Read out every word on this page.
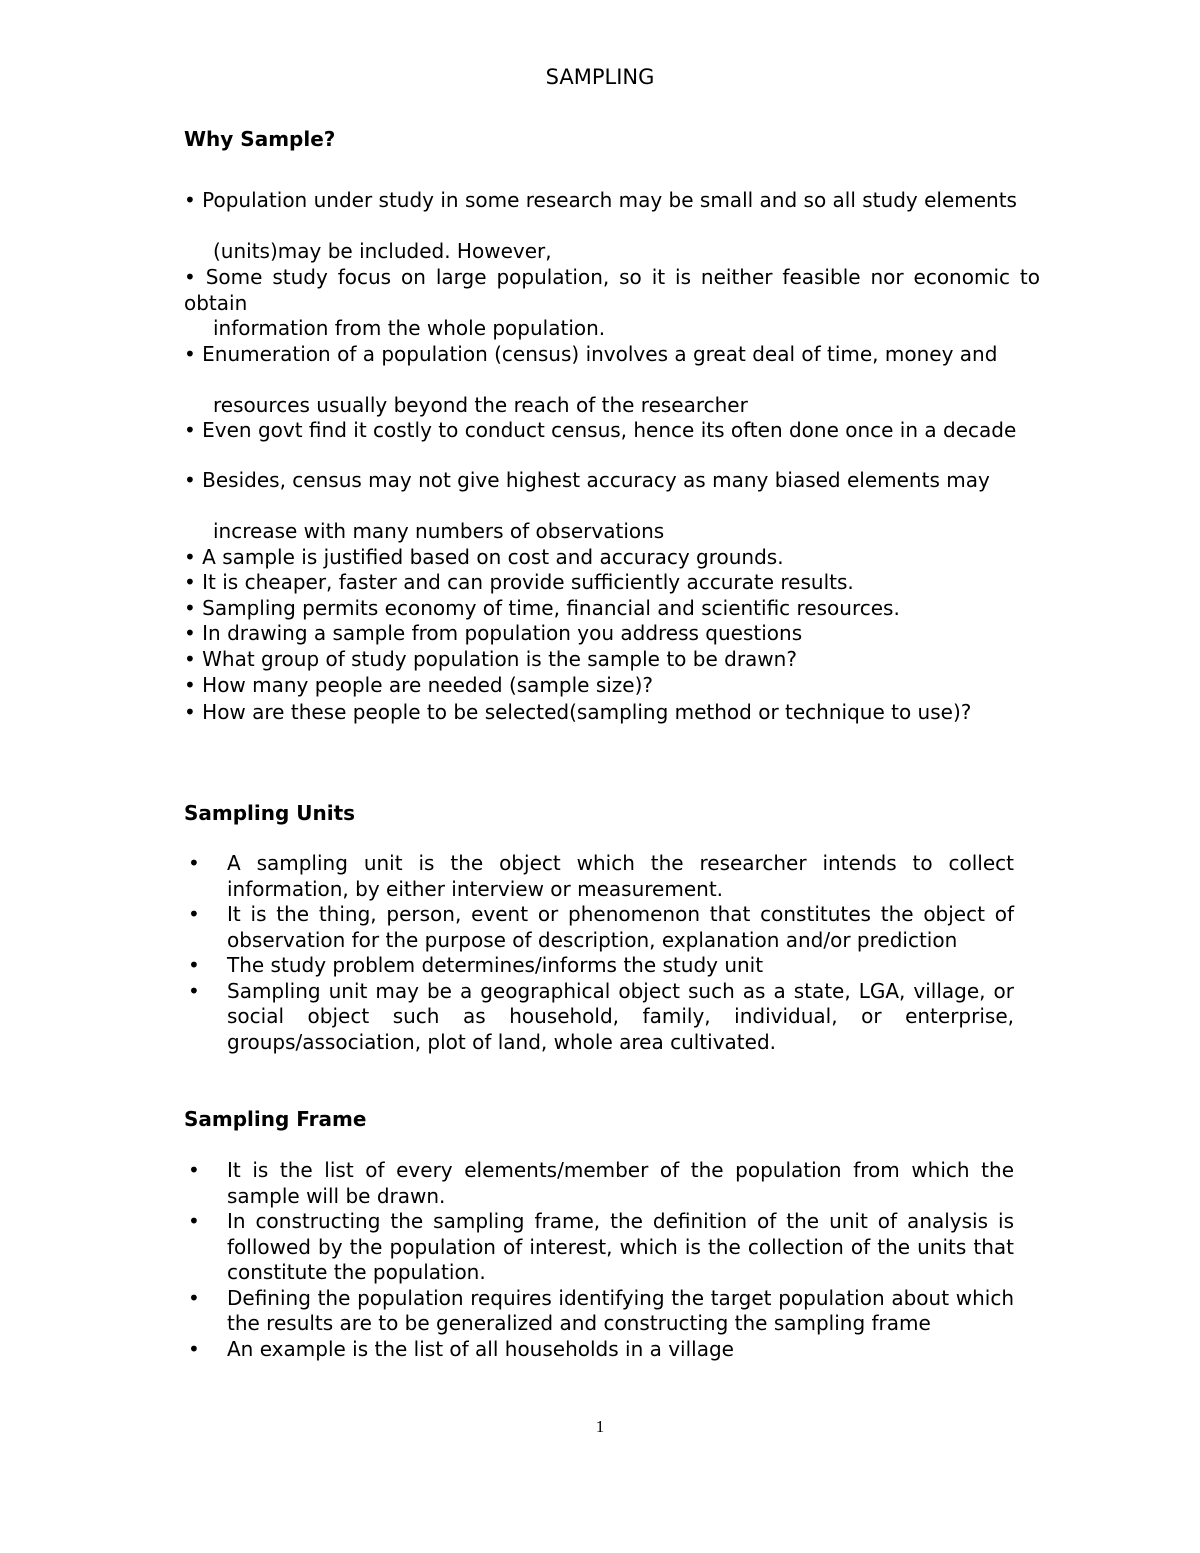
SAMPLING
Why Sample?

• Population under study in some research may be small and so all study elements

(units)may be included. However,

• Some study focus on large population, so it is neither feasible nor economic to obtain

information from the whole population.

• Enumeration of a population (census) involves a great deal of time, money and

resources usually beyond the reach of the researcher

• Even govt find it costly to conduct census, hence its often done once in a decade

• Besides, census may not give highest accuracy as many biased elements may

increase with many numbers of observations

• A sample is justified based on cost and accuracy grounds.

• It is cheaper, faster and can provide sufficiently accurate results.

• Sampling permits economy of time, financial and scientific resources.

• In drawing a sample from population you address questions

• What group of study population is the sample to be drawn?

• How many people are needed (sample size)?

• How are these people to be selected(sampling method or technique to use)?

Sampling Units
• A sampling unit is the object which the researcher intends to collect information, by either interview or measurement.
• It is the thing, person, event or phenomenon that constitutes the object of observation for the purpose of description, explanation and/or prediction
• The study problem determines/informs the study unit
• Sampling unit may be a geographical object such as a state, LGA, village, or social object such as household, family, individual, or enterprise, groups/association, plot of land, whole area cultivated.
Sampling Frame
• It is the list of every elements/member of the population from which the sample will be drawn.
• In constructing the sampling frame, the definition of the unit of analysis is followed by the population of interest, which is the collection of the units that constitute the population.
• Defining the population requires identifying the target population about which the results are to be generalized and constructing the sampling frame
• An example is the list of all households in a village
1
